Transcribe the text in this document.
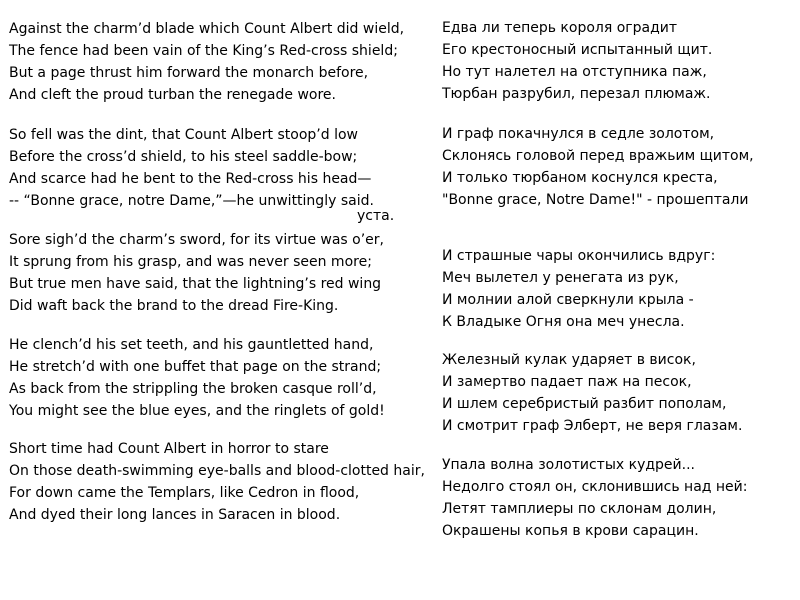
Against the charm’d blade which Count Albert did wield,
The fence had been vain of the King’s Red-cross shield;
But a page thrust him forward the monarch before,
And cleft the proud turban the renegade wore.
So fell was the dint, that Count Albert stoop’d low
Before the cross’d shield, to his steel saddle-bow;
And scarce had he bent to the Red-cross his head—
-- “Bonne grace, notre Dame,”—he unwittingly said.
Sore sigh’d the charm’s sword, for its virtue was o’er,
It sprung from his grasp, and was never seen more;
But true men have said, that the lightning’s red wing
Did waft back the brand to the dread Fire-King.
He clench’d his set teeth, and his gauntletted hand,
He stretch’d with one buffet that page on the strand;
As back from the strippling the broken casque roll’d,
You might see the blue eyes, and the ringlets of gold!
Short time had Count Albert in horror to stare
On those death-swimming eye-balls and blood-clotted hair,
For down came the Templars, like Cedron in flood,
And dyed their long lances in Saracen in blood.
уста.
Едва ли теперь короля оградит
Его крестоносный испытанный щит.
Но тут налетел на отступника паж,
Тюрбан разрубил, перезал плюмаж.
И граф покачнулся в седле золотом,
Склонясь головой перед вражьим щитом,
И только тюрбаном коснулся креста,
"Bonne grace, Notre Dame!" - прошептали
И страшные чары окончились вдруг:
Меч вылетел у ренегата из рук,
И молнии алой сверкнули крыла -
К Владыке Огня она меч унесла.
Железный кулак ударяет в висок,
И замертво падает паж на песок,
И шлем серебристый разбит пополам,
И смотрит граф Элберт, не веря глазам.
Упала волна золотистых кудрей...
Недолго стоял он, склонившись над ней:
Летят тамплиеры по склонам долин,
Окрашены копья в крови сарацин.
